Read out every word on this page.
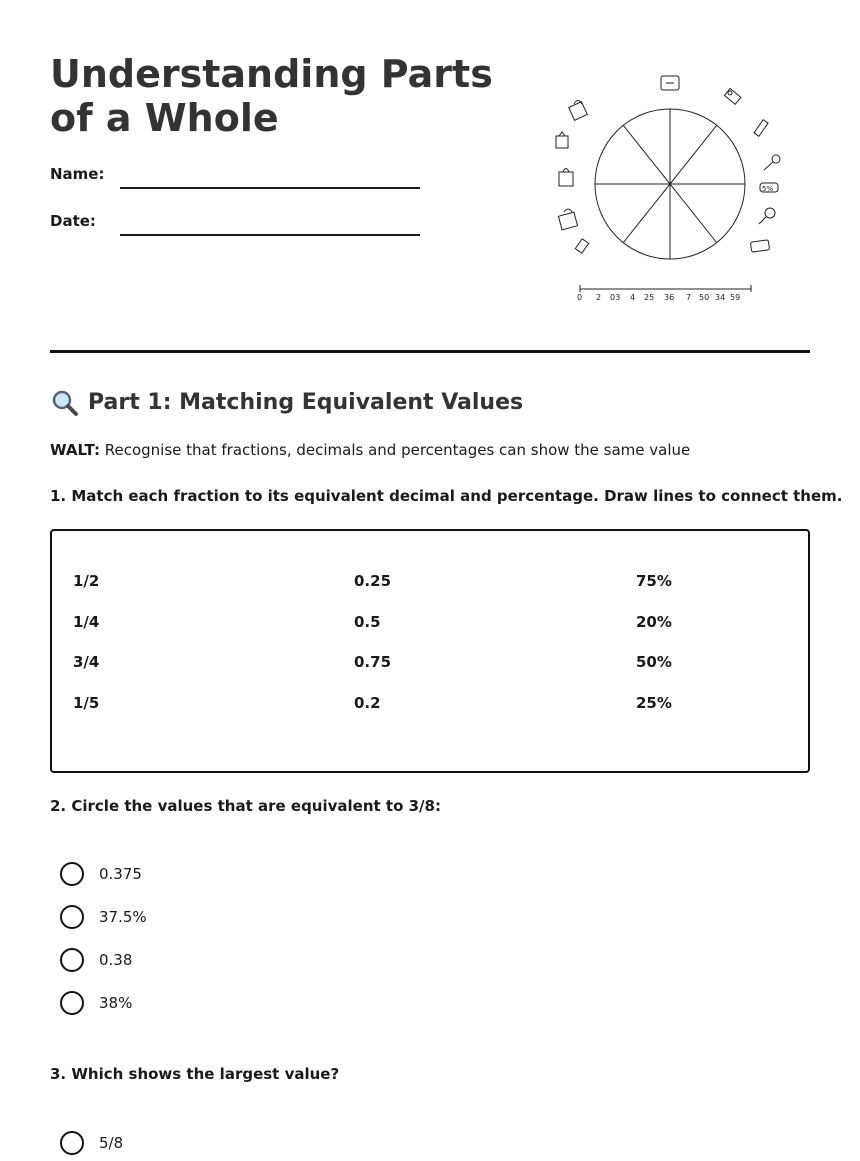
Understanding Parts of a Whole
Name:
Date:
5%
0 2 03 4 25 36 7 50 34 59
Part 1: Matching Equivalent Values
WALT: Recognise that fractions, decimals and percentages can show the same value

1. Match each fraction to its equivalent decimal and percentage. Draw lines to connect them.

1/2
1/4
3/4
1/5
0.25
0.5
0.75
0.2
75%
20%
50%
25%

2. Circle the values that are equivalent to 3/8:

0.375
37.5%
0.38
38%

3. Which shows the largest value?

5/8
